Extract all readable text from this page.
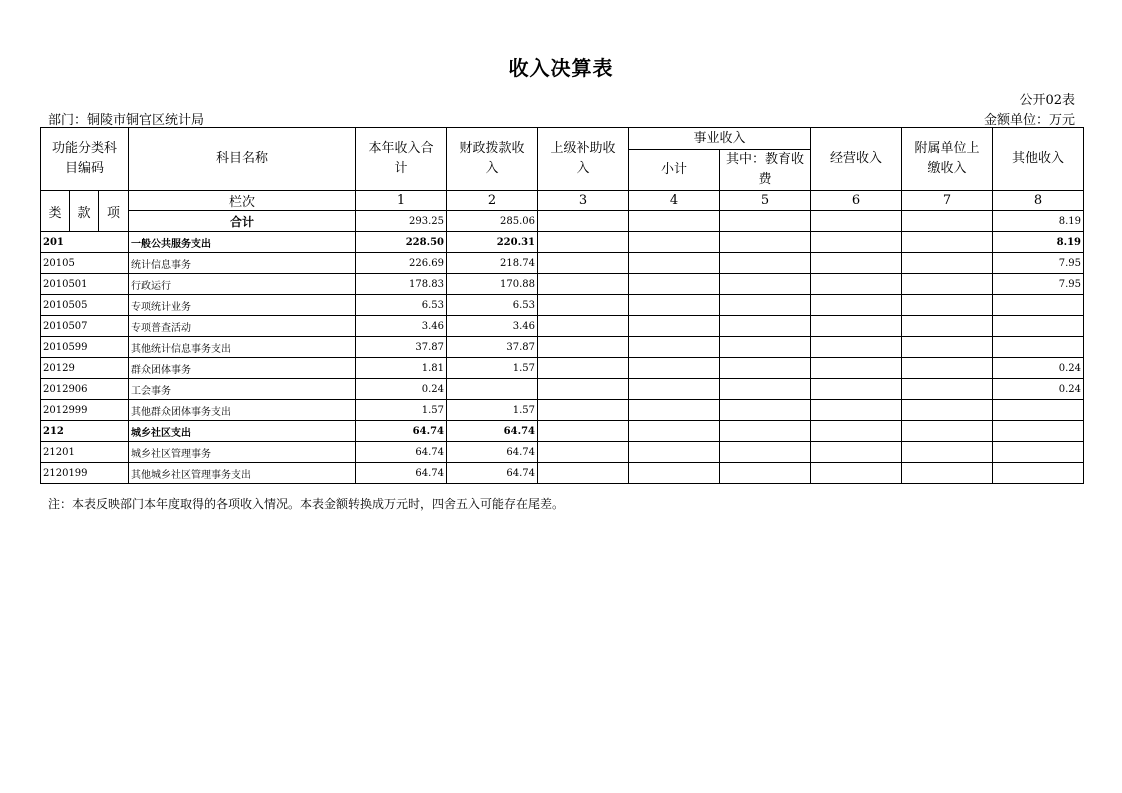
收入决算表
公开02表
部门：铜陵市铜官区统计局	金额单位：万元
功能分类科目编码			科目名称	本年收入合计	财政拨款收入	上级补助收入	事业收入		经营收入	附属单位上缴收入	其他收入
							小计	其中：教育收费			
类	款	项	栏次	1	2	3	4	5	6	7	8
			合计	293.25	285.06						8.19
201			一般公共服务支出	228.50	220.31						8.19
20105			统计信息事务	226.69	218.74						7.95
2010501			行政运行	178.83	170.88						7.95
2010505			专项统计业务	6.53	6.53						
2010507			专项普查活动	3.46	3.46						
2010599			其他统计信息事务支出	37.87	37.87						
20129			群众团体事务	1.81	1.57						0.24
2012906			工会事务	0.24							0.24
2012999			其他群众团体事务支出	1.57	1.57						
212			城乡社区支出	64.74	64.74						
21201			城乡社区管理事务	64.74	64.74						
2120199			其他城乡社区管理事务支出	64.74	64.74						
注：本表反映部门本年度取得的各项收入情况。本表金额转换成万元时，四舍五入可能存在尾差。
